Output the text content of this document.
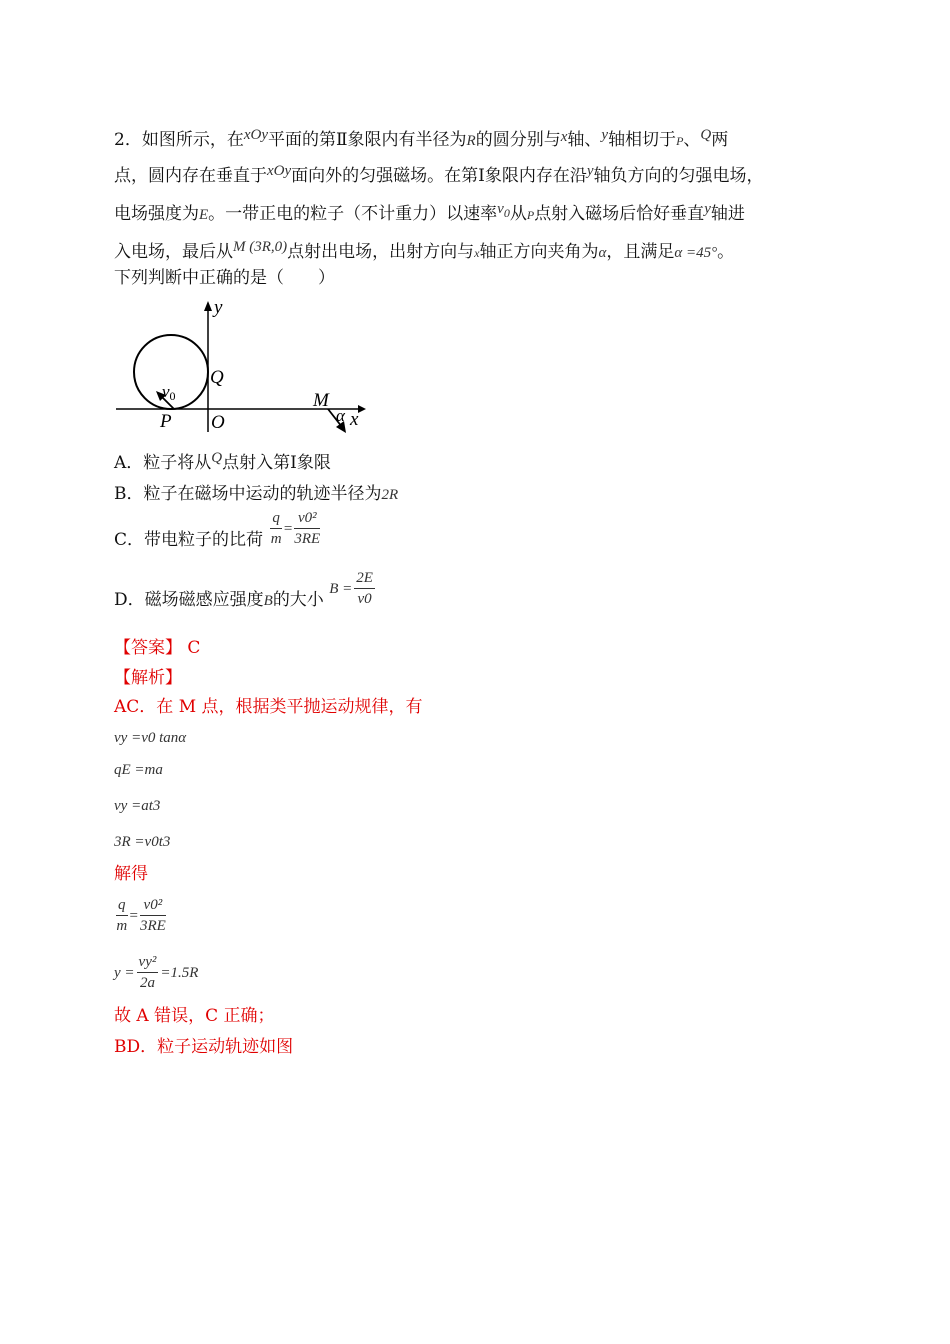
2．如图所示，在xOy平面的第Ⅱ象限内有半径为R的圆分别与x轴、y轴相切于P、Q两
点，圆内存在垂直于xOy面向外的匀强磁场。在第Ⅰ象限内存在沿y轴负方向的匀强电场，
电场强度为E。一带正电的粒子（不计重力）以速率$v_0$从P点射入磁场后恰好垂直y轴进
入电场，最后从M (3R,0)点射出电场，出射方向与x轴正方向夹角为α，且满足α =45°。
下列判断中正确的是（　　）
y
Q
v0
P O
M
α x
A．粒子将从Q点射入第Ⅰ象限
B．粒子在磁场中运动的轨迹半径为2R
C．带电粒子的比荷 $\frac{q}{m} = \frac{\text{v0²}}{3RE}$
D．磁场磁感应强度B的大小 $B = \frac{2E}{v0}$
【答案】 C
【解析】
AC．在 M 点，根据类平抛运动规律，有
vy =v0 tanα
qE =ma
vy =at3
3R =v0t3
解得
$\frac{q}{m} = \frac{\text{v0²}}{3RE}$
$y = \frac{\text{vy²}}{2a} =1.5R$
故 A 错误，C 正确；
BD．粒子运动轨迹如图
